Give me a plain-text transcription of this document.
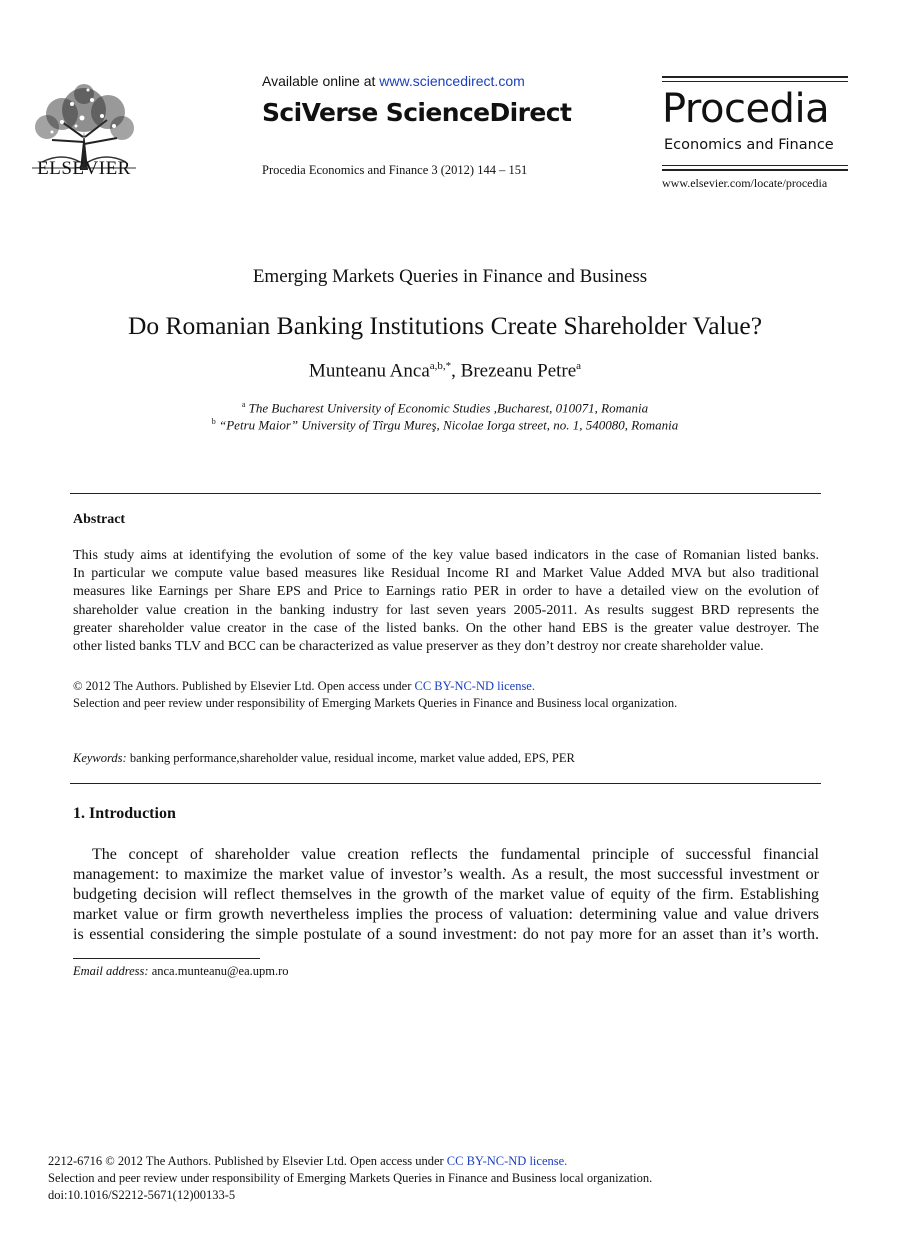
ELSEVIER
Available online at www.sciencedirect.com
SciVerse ScienceDirect
Procedia Economics and Finance 3 (2012) 144 – 151
Procedia
Economics and Finance
www.elsevier.com/locate/procedia
Emerging Markets Queries in Finance and Business
Do Romanian Banking Institutions Create Shareholder Value?
Munteanu Anca$^{a,b,*}$, Brezeanu Petre$^a$
$^a$ The Bucharest University of Economic Studies ,Bucharest, 010071, Romania
$^b$ “Petru Maior” University of Tîrgu Mureş, Nicolae Iorga street, no. 1, 540080, Romania
Abstract
This study aims at identifying the evolution of some of the key value based indicators in the case of Romanian listed banks.
In particular we compute value based measures like Residual Income RI and Market Value Added MVA but also traditional
measures like Earnings per Share EPS and Price to Earnings ratio PER in order to have a detailed view on the evolution of
shareholder value creation in the banking industry for last seven years 2005-2011. As results suggest BRD represents the
greater shareholder value creator in the case of the listed banks. On the other hand EBS is the greater value destroyer. The
other listed banks TLV and BCC can be characterized as value preserver as they don’t destroy nor create shareholder value.
© 2012 The Authors. Published by Elsevier Ltd. Open access under CC BY-NC-ND license.
Selection and peer review under responsibility of Emerging Markets Queries in Finance and Business local organization.
Keywords: banking performance,shareholder value, residual income, market value added, EPS, PER
1. Introduction
The concept of shareholder value creation reflects the fundamental principle of successful financial
management: to maximize the market value of investor’s wealth. As a result, the most successful investment or
budgeting decision will reflect themselves in the growth of the market value of equity of the firm. Establishing
market value or firm growth nevertheless implies the process of valuation: determining value and value drivers
is essential considering the simple postulate of a sound investment: do not pay more for an asset than it’s worth.
Email address: anca.munteanu@ea.upm.ro
2212-6716 © 2012 The Authors. Published by Elsevier Ltd. Open access under CC BY-NC-ND license.
Selection and peer review under responsibility of Emerging Markets Queries in Finance and Business local organization.
doi:10.1016/S2212-5671(12)00133-5
